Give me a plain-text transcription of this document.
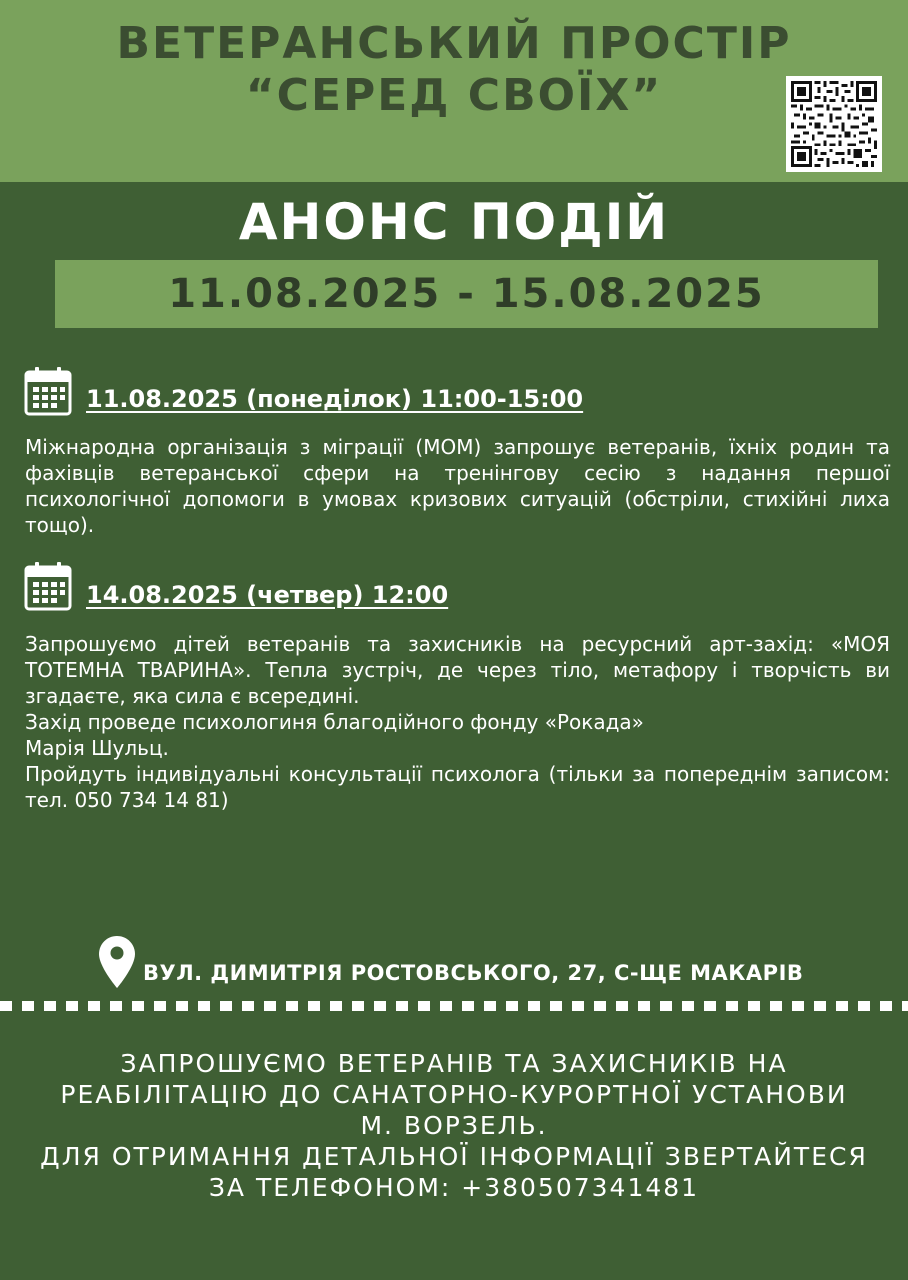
ВЕТЕРАНСЬКИЙ ПРОСТІР
“СЕРЕД СВОЇХ”
АНОНС ПОДІЙ
11.08.2025 - 15.08.2025
11.08.2025 (понеділок) 11:00-15:00

Міжнародна організація з міграції (МОМ) запрошує ветеранів, їхніх родин та фахівців ветеранської сфери на тренінгову сесію з надання першої психологічної допомоги в умовах кризових ситуацій (обстріли, стихійні лиха тощо).

14.08.2025 (четвер) 12:00

Запрошуємо дітей ветеранів та захисників на ресурсний арт-захід: «МОЯ ТОТЕМНА ТВАРИНА». Тепла зустріч, де через тіло, метафору і творчість ви згадаєте, яка сила є всередині.

Захід проведе психологиня благодійного фонду «Рокада»

Марія Шульц.

Пройдуть індивідуальні консультації психолога (тільки за попереднім записом: тел. 050 734 14 81)

ВУЛ. ДИМИТРІЯ РОСТОВСЬКОГО, 27, С-ЩЕ МАКАРІВ
ЗАПРОШУЄМО ВЕТЕРАНІВ ТА ЗАХИСНИКІВ НА
РЕАБІЛІТАЦІЮ ДО САНАТОРНО-КУРОРТНОЇ УСТАНОВИ
М. ВОРЗЕЛЬ.
ДЛЯ ОТРИМАННЯ ДЕТАЛЬНОЇ ІНФОРМАЦІЇ ЗВЕРТАЙТЕСЯ
ЗА ТЕЛЕФОНОМ: +380507341481
